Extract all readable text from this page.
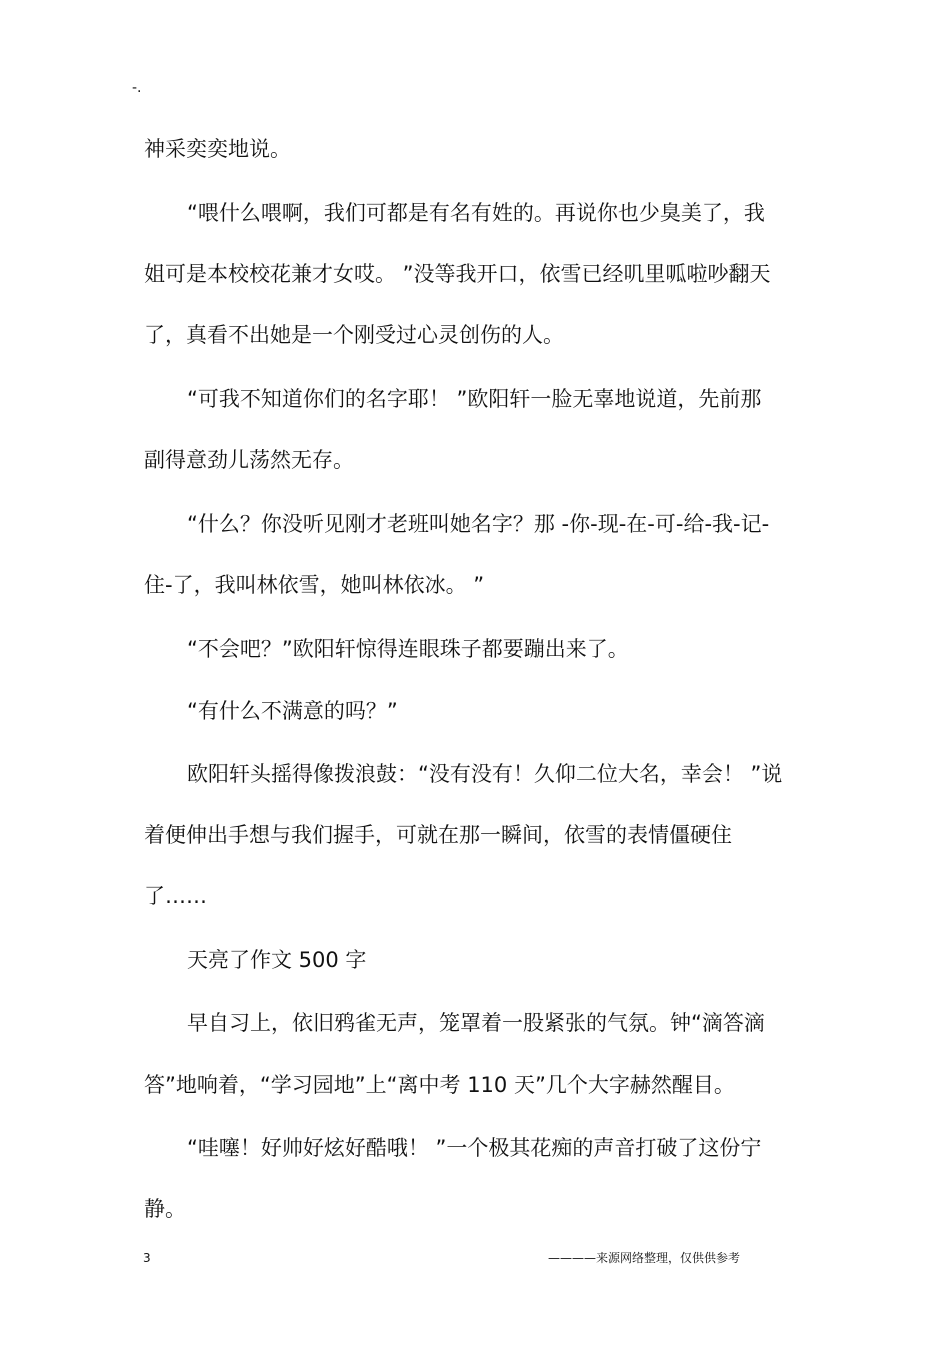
-.
神采奕奕地说。
“喂什么喂啊，我们可都是有名有姓的。再说你也少臭美了，我
姐可是本校校花兼才女哎。 ”没等我开口，依雪已经叽里呱啦吵翻天
了，真看不出她是一个刚受过心灵创伤的人。
“可我不知道你们的名字耶！ ”欧阳轩一脸无辜地说道，先前那
副得意劲儿荡然无存。
“什么？你没听见刚才老班叫她名字？那 -你-现-在-可-给-我-记-
住-了，我叫林依雪，她叫林依冰。 ”
“不会吧？”欧阳轩惊得连眼珠子都要蹦出来了。
“有什么不满意的吗？”
欧阳轩头摇得像拨浪鼓：“没有没有！久仰二位大名，幸会！ ”说
着便伸出手想与我们握手，可就在那一瞬间，依雪的表情僵硬住
了……
天亮了作文 500 字
早自习上，依旧鸦雀无声，笼罩着一股紧张的气氛。钟“滴答滴
答”地响着，“学习园地”上“离中考 110 天”几个大字赫然醒目。
“哇噻！好帅好炫好酷哦！ ”一个极其花痴的声音打破了这份宁
静。
3	————来源网络整理，仅供供参考
